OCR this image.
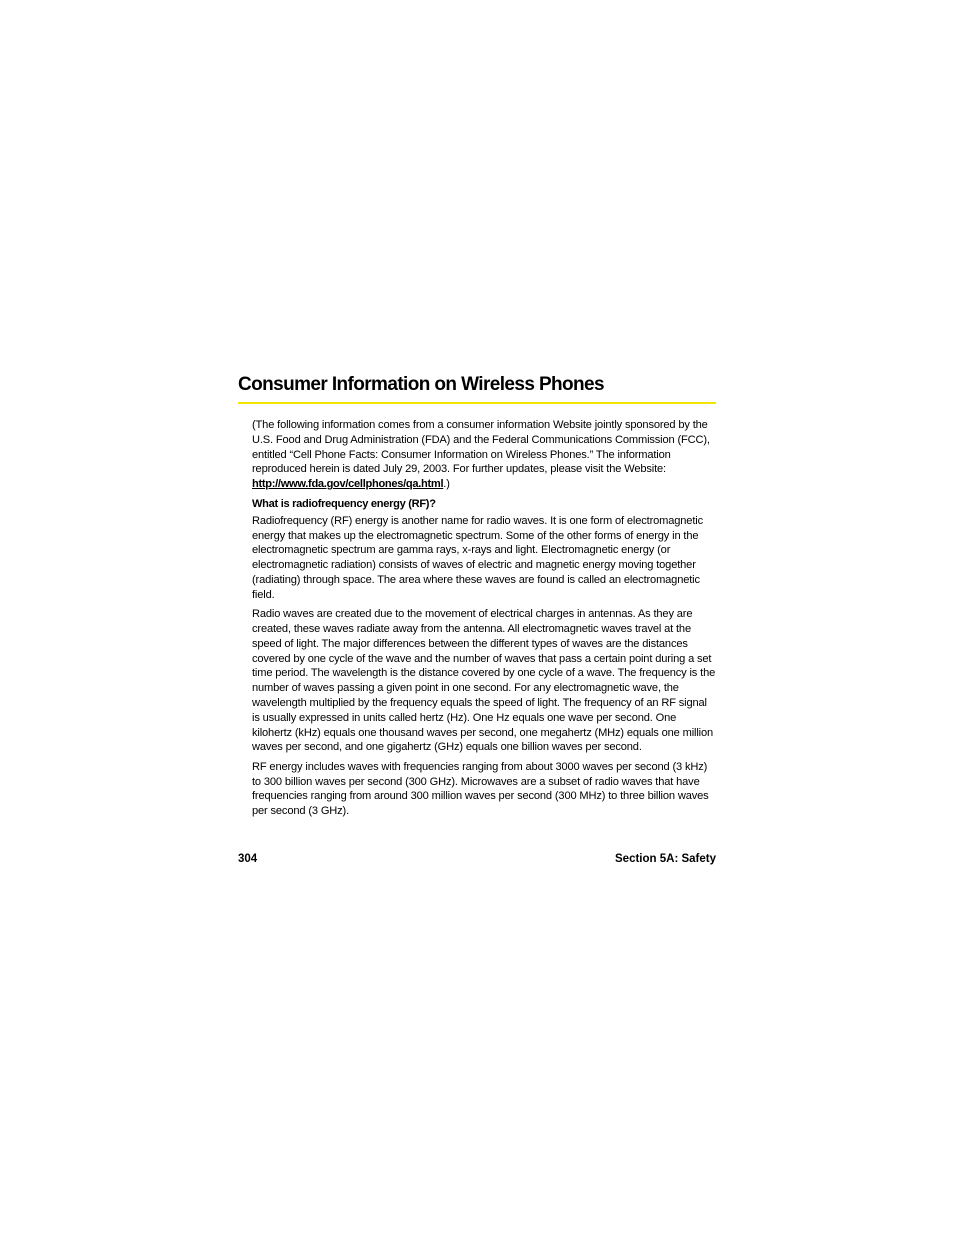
Consumer Information on Wireless Phones

(The following information comes from a consumer information Website jointly sponsored by the U.S. Food and Drug Administration (FDA) and the Federal Communications Commission (FCC), entitled “Cell Phone Facts: Consumer Information on Wireless Phones.” The information reproduced herein is dated July 29, 2003. For further updates, please visit the Website: http://www.fda.gov/cellphones/qa.html.)

What is radiofrequency energy (RF)?

Radiofrequency (RF) energy is another name for radio waves. It is one form of electromagnetic energy that makes up the electromagnetic spectrum. Some of the other forms of energy in the electromagnetic spectrum are gamma rays, x-rays and light. Electromagnetic energy (or electromagnetic radiation) consists of waves of electric and magnetic energy moving together (radiating) through space. The area where these waves are found is called an electromagnetic field.

Radio waves are created due to the movement of electrical charges in antennas. As they are created, these waves radiate away from the antenna. All electromagnetic waves travel at the speed of light. The major differences between the different types of waves are the distances covered by one cycle of the wave and the number of waves that pass a certain point during a set time period. The wavelength is the distance covered by one cycle of a wave. The frequency is the number of waves passing a given point in one second. For any electromagnetic wave, the wavelength multiplied by the frequency equals the speed of light. The frequency of an RF signal is usually expressed in units called hertz (Hz). One Hz equals one wave per second. One kilohertz (kHz) equals one thousand waves per second, one megahertz (MHz) equals one million waves per second, and one gigahertz (GHz) equals one billion waves per second.

RF energy includes waves with frequencies ranging from about 3000 waves per second (3 kHz) to 300 billion waves per second (300 GHz). Microwaves are a subset of radio waves that have frequencies ranging from around 300 million waves per second (300 MHz) to three billion waves per second (3 GHz).

304	Section 5A: Safety
